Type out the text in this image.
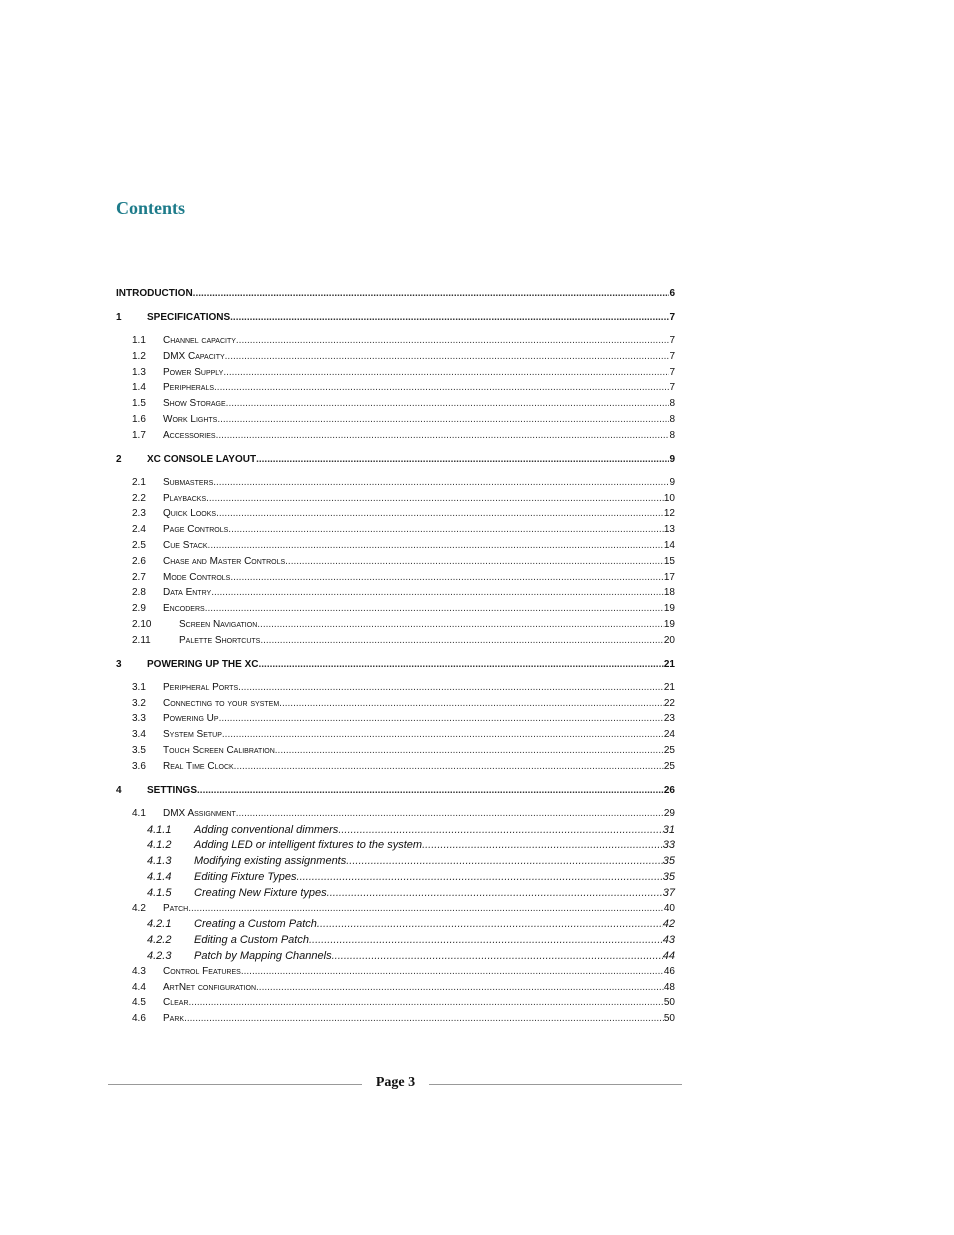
Contents
INTRODUCTION .....	6
1	SPECIFICATIONS .....	7
1.1	Channel capacity .....	7
1.2	DMX Capacity .....	7
1.3	Power Supply .....	7
1.4	Peripherals .....	7
1.5	Show Storage .....	8
1.6	Work Lights .....	8
1.7	Accessories .....	8
2	XC CONSOLE LAYOUT .....	9
2.1	Submasters .....	9
2.2	Playbacks .....	10
2.3	Quick Looks .....	12
2.4	Page Controls .....	13
2.5	Cue Stack .....	14
2.6	Chase and Master Controls .....	15
2.7	Mode Controls .....	17
2.8	Data Entry .....	18
2.9	Encoders .....	19
2.10	Screen Navigation .....	19
2.11	Palette Shortcuts .....	20
3	POWERING UP THE XC .....	21
3.1	Peripheral Ports .....	21
3.2	Connecting to your system .....	22
3.3	Powering Up .....	23
3.4	System Setup .....	24
3.5	Touch Screen Calibration .....	25
3.6	Real Time Clock .....	25
4	SETTINGS .....	26
4.1	DMX Assignment .....	29
4.1.1	Adding conventional dimmers .....	31
4.1.2	Adding LED or intelligent fixtures to the system .....	33
4.1.3	Modifying existing assignments .....	35
4.1.4	Editing Fixture Types .....	35
4.1.5	Creating New Fixture types .....	37
4.2	Patch .....	40
4.2.1	Creating a Custom Patch. .....	42
4.2.2	Editing a Custom Patch .....	43
4.2.3	Patch by Mapping Channels .....	44
4.3	Control Features .....	46
4.4	ArtNet configuration .....	48
4.5	Clear .....	50
4.6	Park .....	50
Page 3
